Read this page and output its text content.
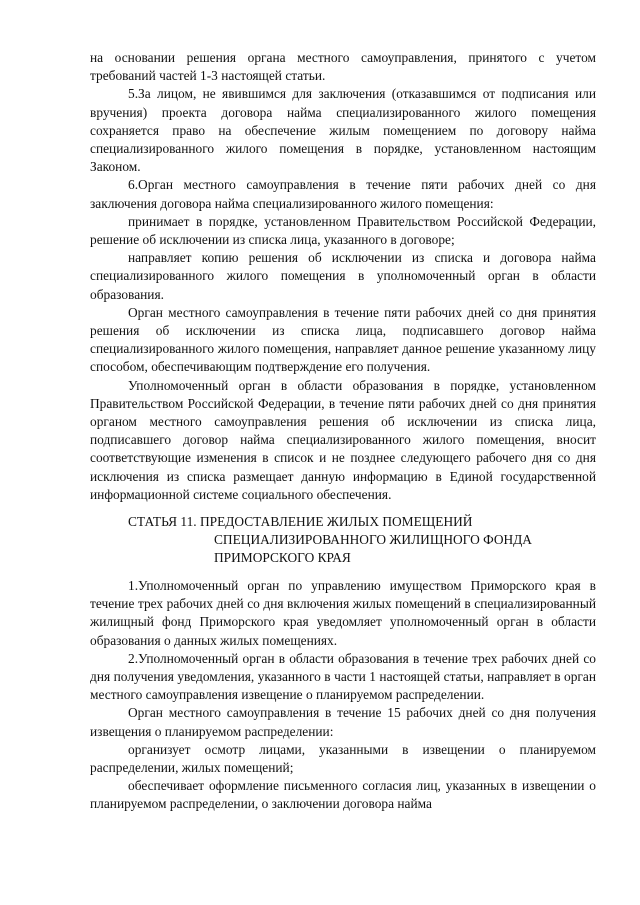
на основании решения органа местного самоуправления, принятого с учетом требований частей 1-3 настоящей статьи.

5.За лицом, не явившимся для заключения (отказавшимся от подписания или вручения) проекта договора найма специализированного жилого помещения сохраняется право на обеспечение жилым помещением по договору найма специализированного жилого помещения в порядке, установленном настоящим Законом.

6.Орган местного самоуправления в течение пяти рабочих дней со дня заключения договора найма специализированного жилого помещения:

принимает в порядке, установленном Правительством Российской Федерации, решение об исключении из списка лица, указанного в договоре;

направляет копию решения об исключении из списка и договора найма специализированного жилого помещения в уполномоченный орган в области образования.

Орган местного самоуправления в течение пяти рабочих дней со дня принятия решения об исключении из списка лица, подписавшего договор найма специализированного жилого помещения, направляет данное решение указанному лицу способом, обеспечивающим подтверждение его получения.

Уполномоченный орган в области образования в порядке, установленном Правительством Российской Федерации, в течение пяти рабочих дней со дня принятия органом местного самоуправления решения об исключении из списка лица, подписавшего договор найма специализированного жилого помещения, вносит соответствующие изменения в список и не позднее следующего рабочего дня со дня исключения из списка размещает данную информацию в Единой государственной информационной системе социального обеспечения.

СТАТЬЯ 11. ПРЕДОСТАВЛЕНИЕ ЖИЛЫХ ПОМЕЩЕНИЙ
СПЕЦИАЛИЗИРОВАННОГО ЖИЛИЩНОГО ФОНДА
ПРИМОРСКОГО КРАЯ

1.Уполномоченный орган по управлению имуществом Приморского края в течение трех рабочих дней со дня включения жилых помещений в специализированный жилищный фонд Приморского края уведомляет уполномоченный орган в области образования о данных жилых помещениях.

2.Уполномоченный орган в области образования в течение трех рабочих дней со дня получения уведомления, указанного в части 1 настоящей статьи, направляет в орган местного самоуправления извещение о планируемом распределении.

Орган местного самоуправления в течение 15 рабочих дней со дня получения извещения о планируемом распределении:

организует осмотр лицами, указанными в извещении о планируемом распределении, жилых помещений;

обеспечивает оформление письменного согласия лиц, указанных в извещении о планируемом распределении, о заключении договора найма
